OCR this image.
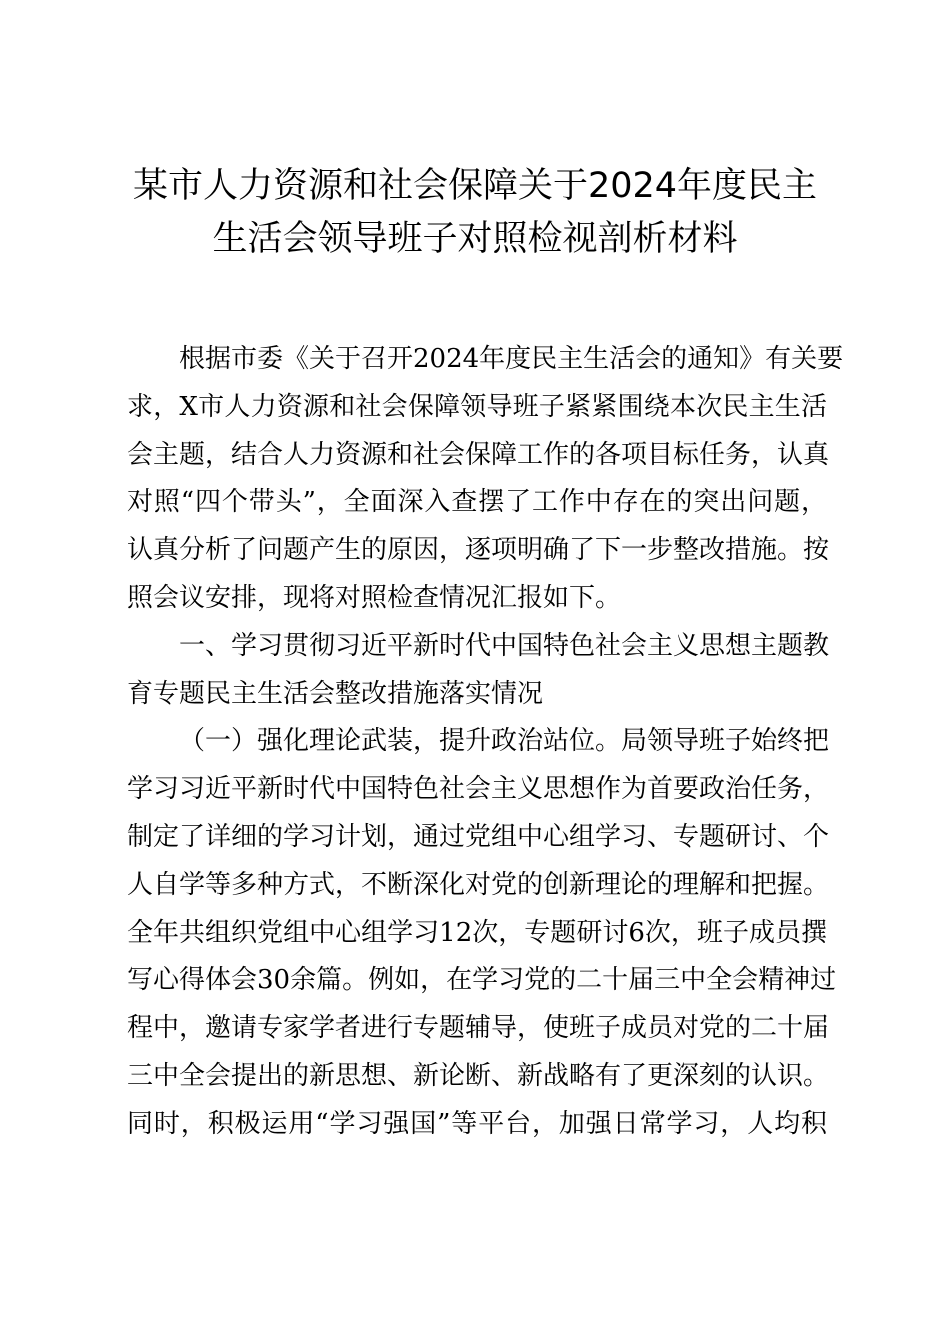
某市人力资源和社会保障关于2024年度民主
生活会领导班子对照检视剖析材料
根据市委《关于召开2024年度民主生活会的通知》有关要
求，X市人力资源和社会保障领导班子紧紧围绕本次民主生活
会主题，结合人力资源和社会保障工作的各项目标任务，认真
对照“四个带头”，全面深入查摆了工作中存在的突出问题，
认真分析了问题产生的原因，逐项明确了下一步整改措施。按
照会议安排，现将对照检查情况汇报如下。
一、学习贯彻习近平新时代中国特色社会主义思想主题教
育专题民主生活会整改措施落实情况
（一）强化理论武装，提升政治站位。局领导班子始终把
学习习近平新时代中国特色社会主义思想作为首要政治任务，
制定了详细的学习计划，通过党组中心组学习、专题研讨、个
人自学等多种方式，不断深化对党的创新理论的理解和把握。
全年共组织党组中心组学习12次，专题研讨6次，班子成员撰
写心得体会30余篇。例如，在学习党的二十届三中全会精神过
程中，邀请专家学者进行专题辅导，使班子成员对党的二十届
三中全会提出的新思想、新论断、新战略有了更深刻的认识。
同时，积极运用“学习强国”等平台，加强日常学习，人均积
